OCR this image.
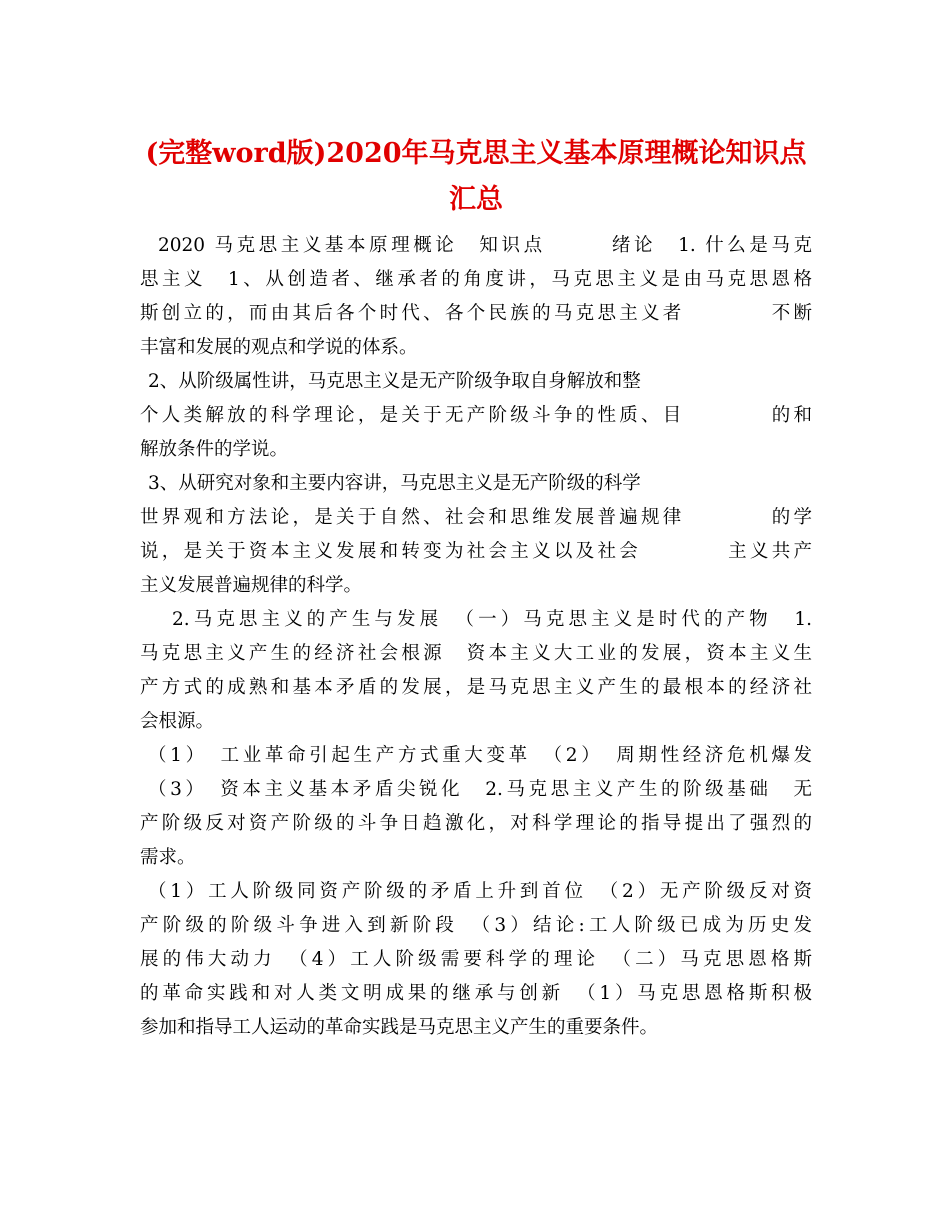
(完整word版)2020年马克思主义基本原理概论知识点
汇总
2020 马克思主义基本原理概论　知识点　　　绪论　1. 什么是马克
思主义　1、从创造者、继承者的角度讲，马克思主义是由马克思恩格
斯创立的，而由其后各个时代、各个民族的马克思主义者　　　　不断
丰富和发展的观点和学说的体系。
2、从阶级属性讲，马克思主义是无产阶级争取自身解放和整
个人类解放的科学理论，是关于无产阶级斗争的性质、目　　　　的和
解放条件的学说。
3、从研究对象和主要内容讲，马克思主义是无产阶级的科学
世界观和方法论，是关于自然、社会和思维发展普遍规律　　　　的学
说，是关于资本主义发展和转变为社会主义以及社会　　　　主义共产
主义发展普遍规律的科学。
2.马克思主义的产生与发展　（一）马克思主义是时代的产物　1.
马克思主义产生的经济社会根源　资本主义大工业的发展，资本主义生
产方式的成熟和基本矛盾的发展，是马克思主义产生的最根本的经济社
会根源。
（1）　工业革命引起生产方式重大变革　（2）　周期性经济危机爆发
（3）　资本主义基本矛盾尖锐化　2.马克思主义产生的阶级基础　无
产阶级反对资产阶级的斗争日趋激化，对科学理论的指导提出了强烈的
需求。
（1）工人阶级同资产阶级的矛盾上升到首位　（2）无产阶级反对资
产阶级的阶级斗争进入到新阶段　（3）结论:工人阶级已成为历史发
展的伟大动力　（4）工人阶级需要科学的理论　（二）马克思恩格斯
的革命实践和对人类文明成果的继承与创新　（1）马克思恩格斯积极
参加和指导工人运动的革命实践是马克思主义产生的重要条件。
